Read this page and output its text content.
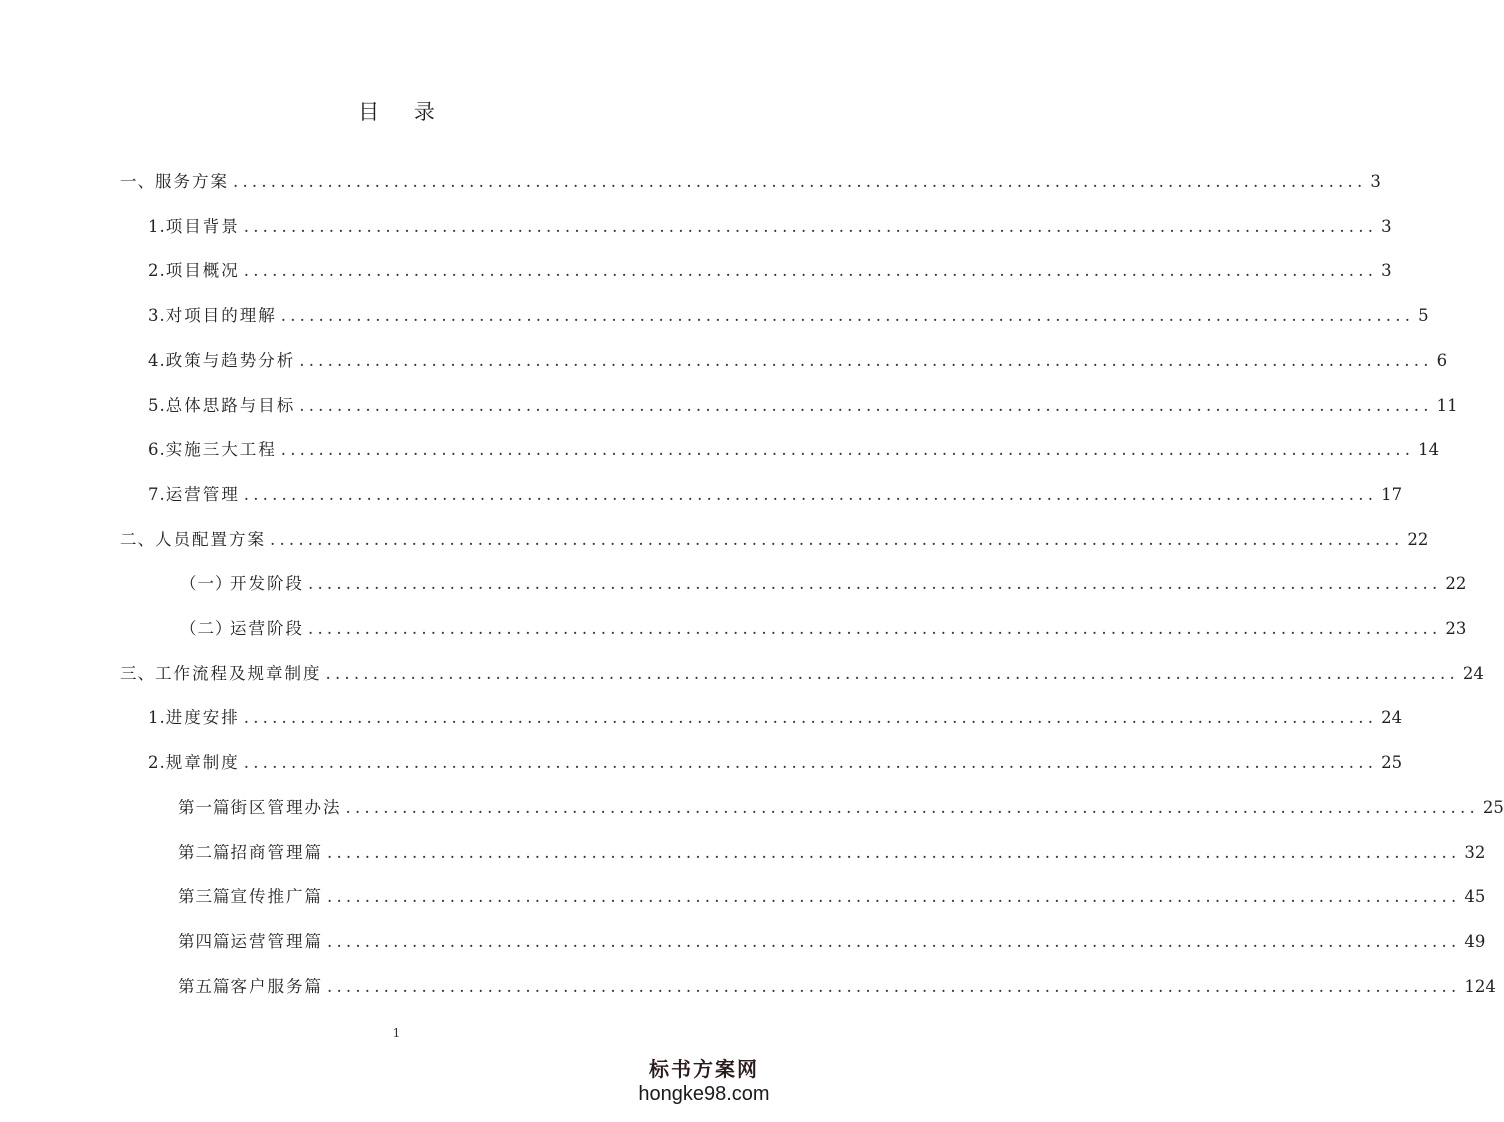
目 录
一、 服务方案 ........................................................................................................................ 3
1. 项目背景 ........................................................................................................................ 3
2. 项目概况 ........................................................................................................................ 3
3. 对项目的理解 ........................................................................................................................ 5
4. 政策与趋势分析 ........................................................................................................................ 6
5. 总体思路与目标 ........................................................................................................................ 11
6. 实施三大工程 ........................................................................................................................ 14
7. 运营管理 ........................................................................................................................ 17
二、 人员配置方案 ........................................................................................................................ 22
（一）
开发阶段 ........................................................................................................................ 22
（二）
运营阶段 ........................................................................................................................ 23
三、 工作流程及规章制度 ........................................................................................................................ 24
1. 进度安排 ........................................................................................................................ 24
2. 规章制度 ........................................................................................................................ 25
第一篇 街区管理办法 ........................................................................................................................ 25
第二篇 招商管理篇 ........................................................................................................................ 32
第三篇 宣传推广篇 ........................................................................................................................ 45
第四篇 运营管理篇 ........................................................................................................................ 49
第五篇 客户服务篇 ........................................................................................................................ 124
1
标书方案网
hongke98.com
